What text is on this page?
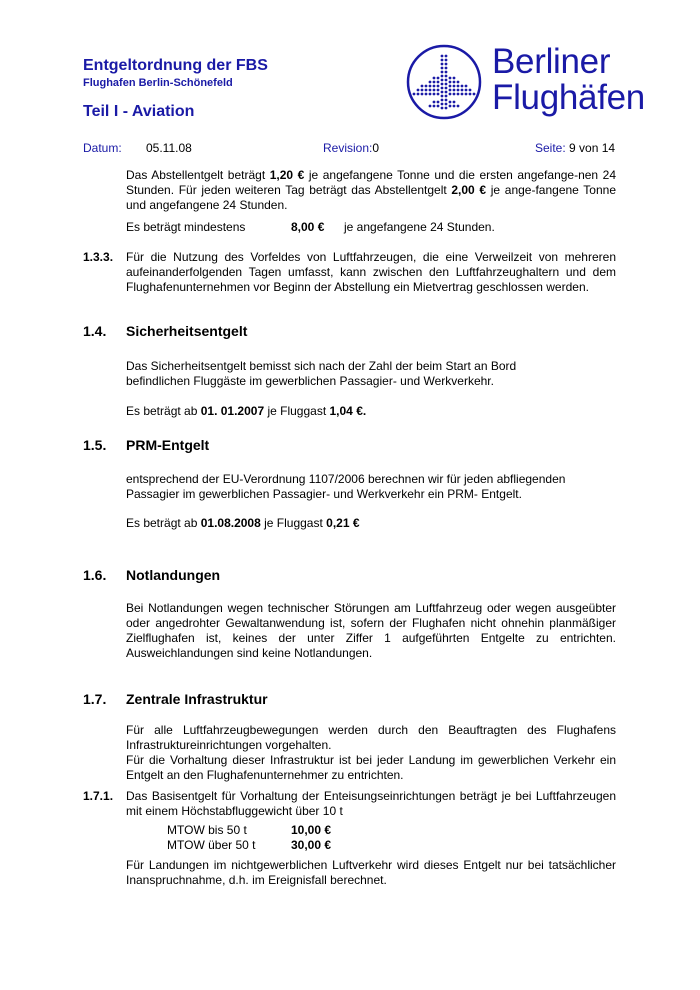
Entgeltordnung der FBS
Flughafen Berlin-Schönefeld
Teil I - Aviation
Berliner
Flughäfen
Datum: 05.11.08	Revision:0	Seite: 9 von 14
Das Abstellentgelt beträgt 1,20 € je angefangene Tonne und die ersten angefange-nen 24 Stunden. Für jeden weiteren Tag beträgt das Abstellentgelt 2,00 € je ange-fangene Tonne und angefangene 24 Stunden.
Es beträgt mindestens	8,00 € je angefangene 24 Stunden.
1.3.3. Für die Nutzung des Vorfeldes von Luftfahrzeugen, die eine Verweilzeit von mehreren aufeinanderfolgenden Tagen umfasst, kann zwischen den Luftfahrzeughaltern und dem Flughafenunternehmen vor Beginn der Abstellung ein Mietvertrag geschlossen werden.
1.4. Sicherheitsentgelt
Das Sicherheitsentgelt bemisst sich nach der Zahl der beim Start an Bord
befindlichen Fluggäste im gewerblichen Passagier- und Werkverkehr.
Es beträgt ab 01. 01.2007 je Fluggast 1,04 €.
1.5. PRM-Entgelt
entsprechend der EU-Verordnung 1107/2006 berechnen wir für jeden abfliegenden
Passagier im gewerblichen Passagier- und Werkverkehr ein PRM- Entgelt.
Es beträgt ab 01.08.2008 je Fluggast 0,21 €
1.6. Notlandungen
Bei Notlandungen wegen technischer Störungen am Luftfahrzeug oder wegen ausgeübter oder angedrohter Gewaltanwendung ist, sofern der Flughafen nicht ohnehin planmäßiger Zielflughafen ist, keines der unter Ziffer 1 aufgeführten Entgelte zu entrichten. Ausweichlandungen sind keine Notlandungen.
1.7. Zentrale Infrastruktur
Für alle Luftfahrzeugbewegungen werden durch den Beauftragten des Flughafens Infrastruktureinrichtungen vorgehalten.
Für die Vorhaltung dieser Infrastruktur ist bei jeder Landung im gewerblichen Verkehr ein Entgelt an den Flughafenunternehmer zu entrichten.
1.7.1. Das Basisentgelt für Vorhaltung der Enteisungseinrichtungen beträgt je bei Luftfahrzeugen mit einem Höchstabfluggewicht über 10 t
MTOW bis 50 t	10,00 €
MTOW über 50 t	30,00 €
Für Landungen im nichtgewerblichen Luftverkehr wird dieses Entgelt nur bei tatsächlicher Inanspruchnahme, d.h. im Ereignisfall berechnet.
